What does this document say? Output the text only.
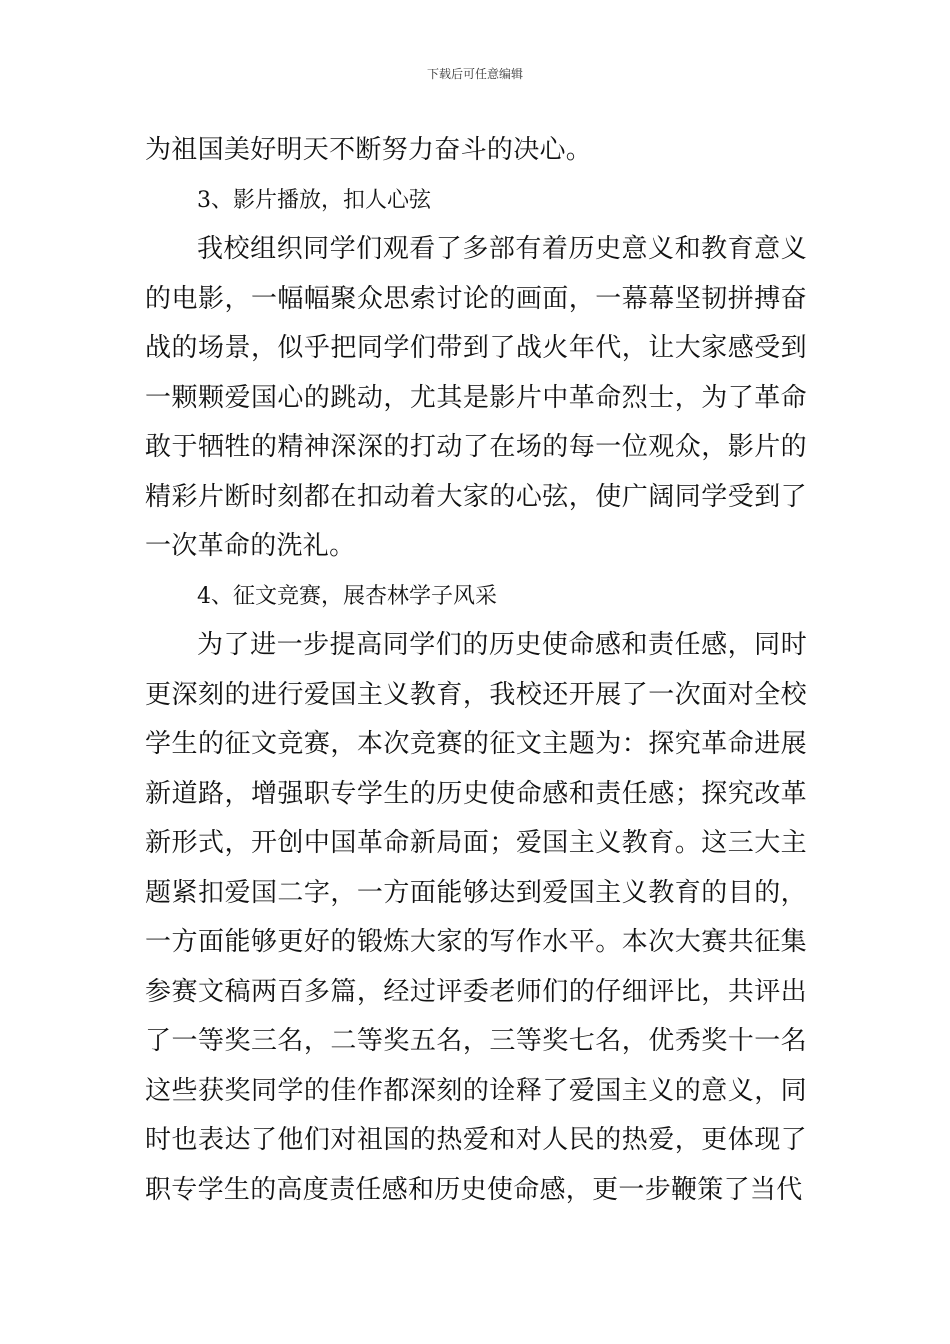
下载后可任意编辑

为祖国美好明天不断努力奋斗的决心。

3、影片播放，扣人心弦

我校组织同学们观看了多部有着历史意义和教育意义的电影，一幅幅聚众思索讨论的画面，一幕幕坚韧拼搏奋战的场景，似乎把同学们带到了战火年代，让大家感受到一颗颗爱国心的跳动，尤其是影片中革命烈士，为了革命敢于牺牲的精神深深的打动了在场的每一位观众，影片的精彩片断时刻都在扣动着大家的心弦，使广阔同学受到了一次革命的洗礼。

4、征文竞赛，展杏林学子风采

为了进一步提高同学们的历史使命感和责任感，同时更深刻的进行爱国主义教育，我校还开展了一次面对全校学生的征文竞赛，本次竞赛的征文主题为：探究革命进展新道路，增强职专学生的历史使命感和责任感；探究改革新形式，开创中国革命新局面；爱国主义教育。这三大主题紧扣爱国二字，一方面能够达到爱国主义教育的目的，一方面能够更好的锻炼大家的写作水平。本次大赛共征集参赛文稿两百多篇，经过评委老师们的仔细评比，共评出了一等奖三名，二等奖五名，三等奖七名，优秀奖十一名这些获奖同学的佳作都深刻的诠释了爱国主义的意义，同时也表达了他们对祖国的热爱和对人民的热爱，更体现了职专学生的高度责任感和历史使命感，更一步鞭策了当代
